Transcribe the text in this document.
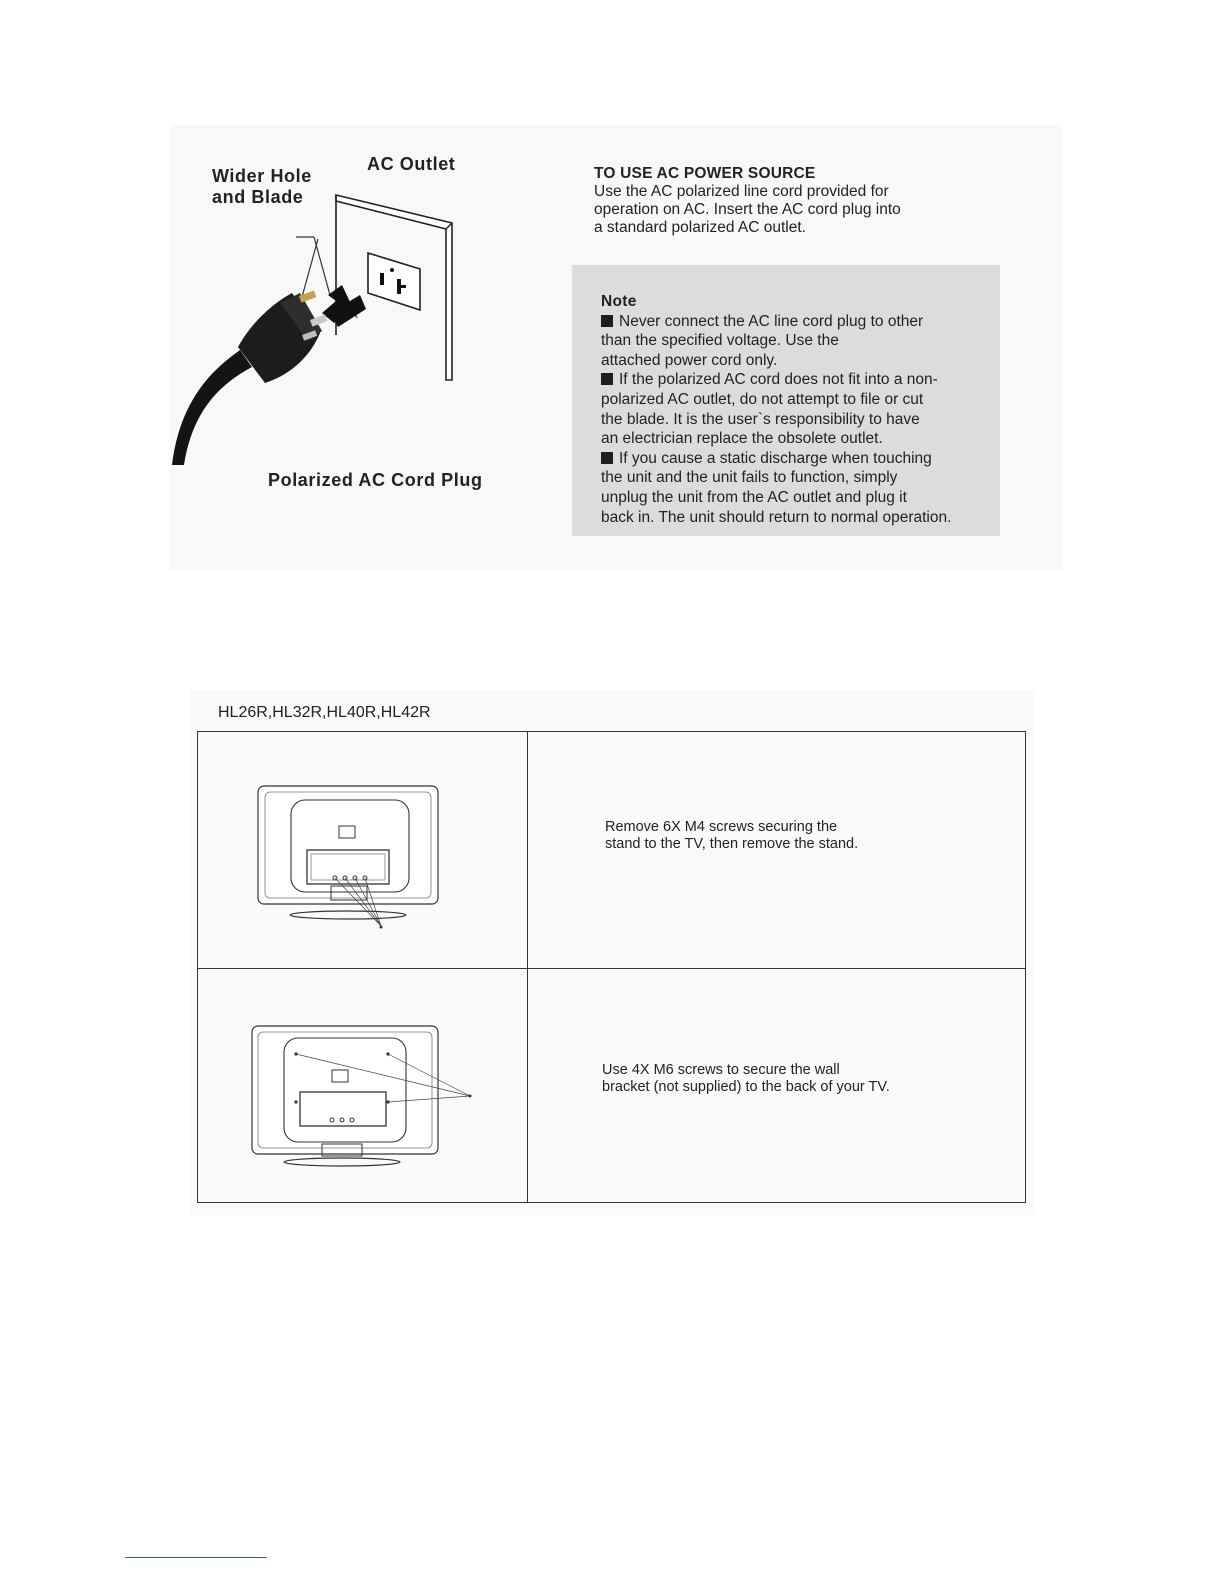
Wider Hole
and Blade
AC Outlet
Polarized AC Cord Plug
TO USE AC POWER SOURCE
Use the AC polarized line cord provided for
operation on AC. Insert the AC cord plug into
a standard polarized AC outlet.
Note
Never connect the AC line cord plug to other
than the specified voltage. Use the
attached power cord only.
If the polarized AC cord does not fit into a non-
polarized AC outlet, do not attempt to file or cut
the blade. It is the user`s responsibility to have
an electrician replace the obsolete outlet.
If you cause a static discharge when touching
the unit and the unit fails to function, simply
unplug the unit from the AC outlet and plug it
back in. The unit should return to normal operation.
HL26R,HL32R,HL40R,HL42R
Remove 6X M4 screws securing the
stand to the TV, then remove the stand.
Use 4X M6 screws to secure the wall
bracket (not supplied) to the back of your TV.
